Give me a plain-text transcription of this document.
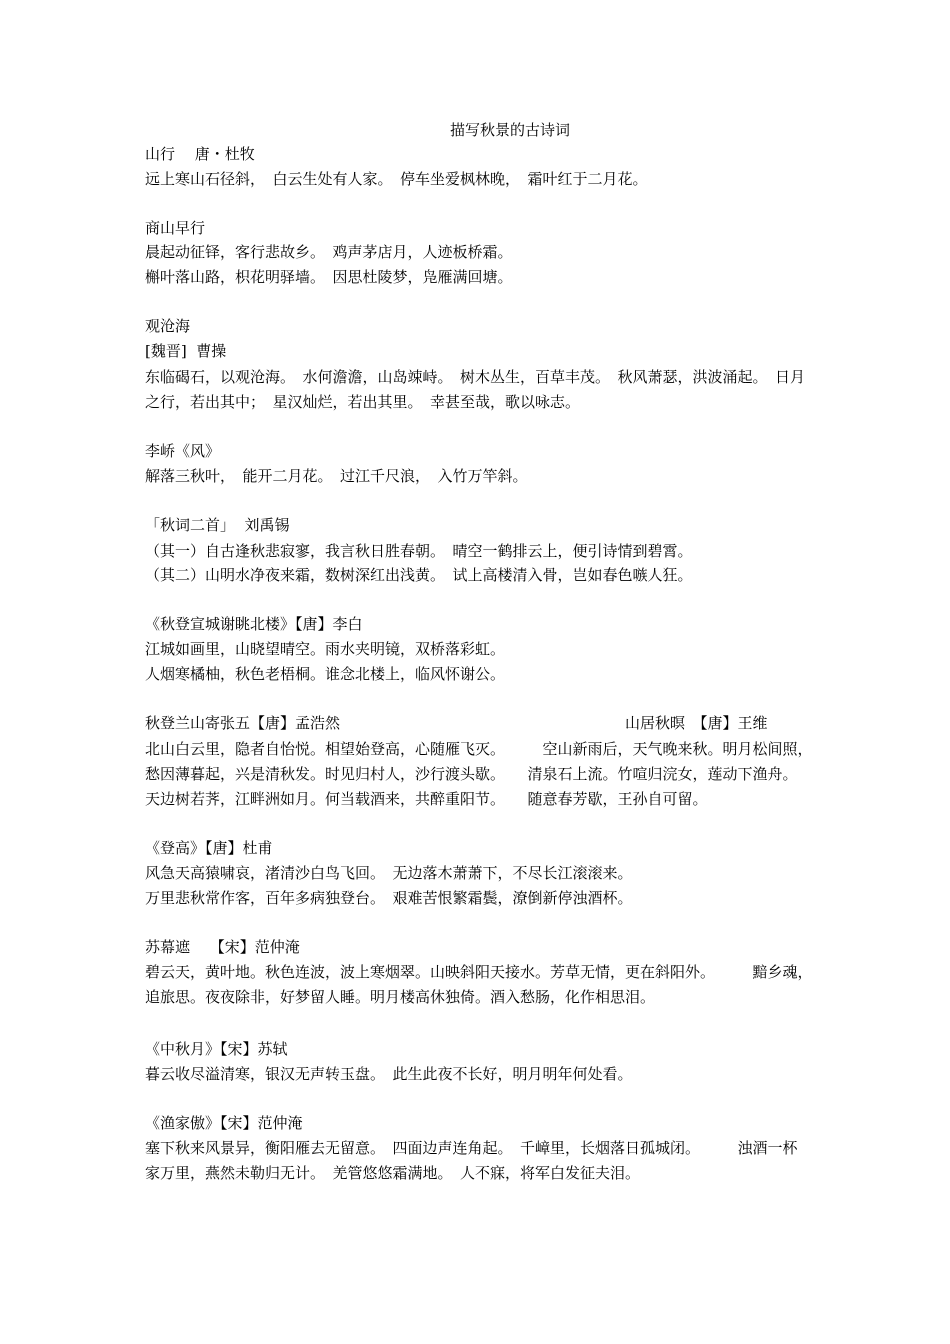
描写秋景的古诗词
山行　 唐・杜牧
远上寒山石径斜，　白云生处有人家。　停车坐爱枫林晚，　霜叶红于二月花。
商山早行
晨起动征铎，客行悲故乡。　鸡声茅店月，人迹板桥霜。
槲叶落山路，枳花明驿墙。　因思杜陵梦，凫雁满回塘。
观沧海
[魏晋]  曹操
东临碣石，以观沧海。　水何澹澹，山岛竦峙。　树木丛生，百草丰茂。　秋风萧瑟，洪波涌起。　日月
之行，若出其中；　星汉灿烂，若出其里。　幸甚至哉，歌以咏志。
李峤《风》
解落三秋叶，　能开二月花。　过江千尺浪，　入竹万竿斜。
「秋词二首」  刘禹锡
（其一）自古逢秋悲寂寥，我言秋日胜春朝。　晴空一鹤排云上，便引诗情到碧霄。
（其二）山明水净夜来霜，数树深红出浅黄。　试上高楼清入骨，岂如春色嗾人狂。
《秋登宣城谢眺北楼》【唐】李白
江城如画里，山晓望晴空。雨水夹明镜，双桥落彩虹。
人烟寒橘柚，秋色老梧桐。谁念北楼上，临风怀谢公。
秋登兰山寄张五【唐】孟浩然	山居秋暝　【唐】王维
北山白云里，隐者自怡悦。相望始登高，心随雁飞灭。　　　空山新雨后，天气晚来秋。明月松间照，
愁因薄暮起，兴是清秋发。时见归村人，沙行渡头歇。　　清泉石上流。竹喧归浣女，莲动下渔舟。
天边树若荠，江畔洲如月。何当载酒来，共醉重阳节。　　随意春芳歇，王孙自可留。
《登高》【唐】杜甫
风急天高猿啸哀，渚清沙白鸟飞回。　无边落木萧萧下，不尽长江滚滚来。
万里悲秋常作客，百年多病独登台。　艰难苦恨繁霜鬓，潦倒新停浊酒杯。
苏幕遮　 【宋】范仲淹
碧云天，黄叶地。秋色连波，波上寒烟翠。山映斜阳天接水。芳草无情，更在斜阳外。　　　黯乡魂，
追旅思。夜夜除非，好梦留人睡。明月楼高休独倚。酒入愁肠，化作相思泪。
《中秋月》【宋】苏轼
暮云收尽溢清寒，银汉无声转玉盘。　此生此夜不长好，明月明年何处看。
《渔家傲》【宋】范仲淹
塞下秋来风景异，衡阳雁去无留意。　四面边声连角起。　千嶂里，长烟落日孤城闭。　　　浊酒一杯
家万里，燕然未勒归无计。　羌管悠悠霜满地。　人不寐，将军白发征夫泪。
